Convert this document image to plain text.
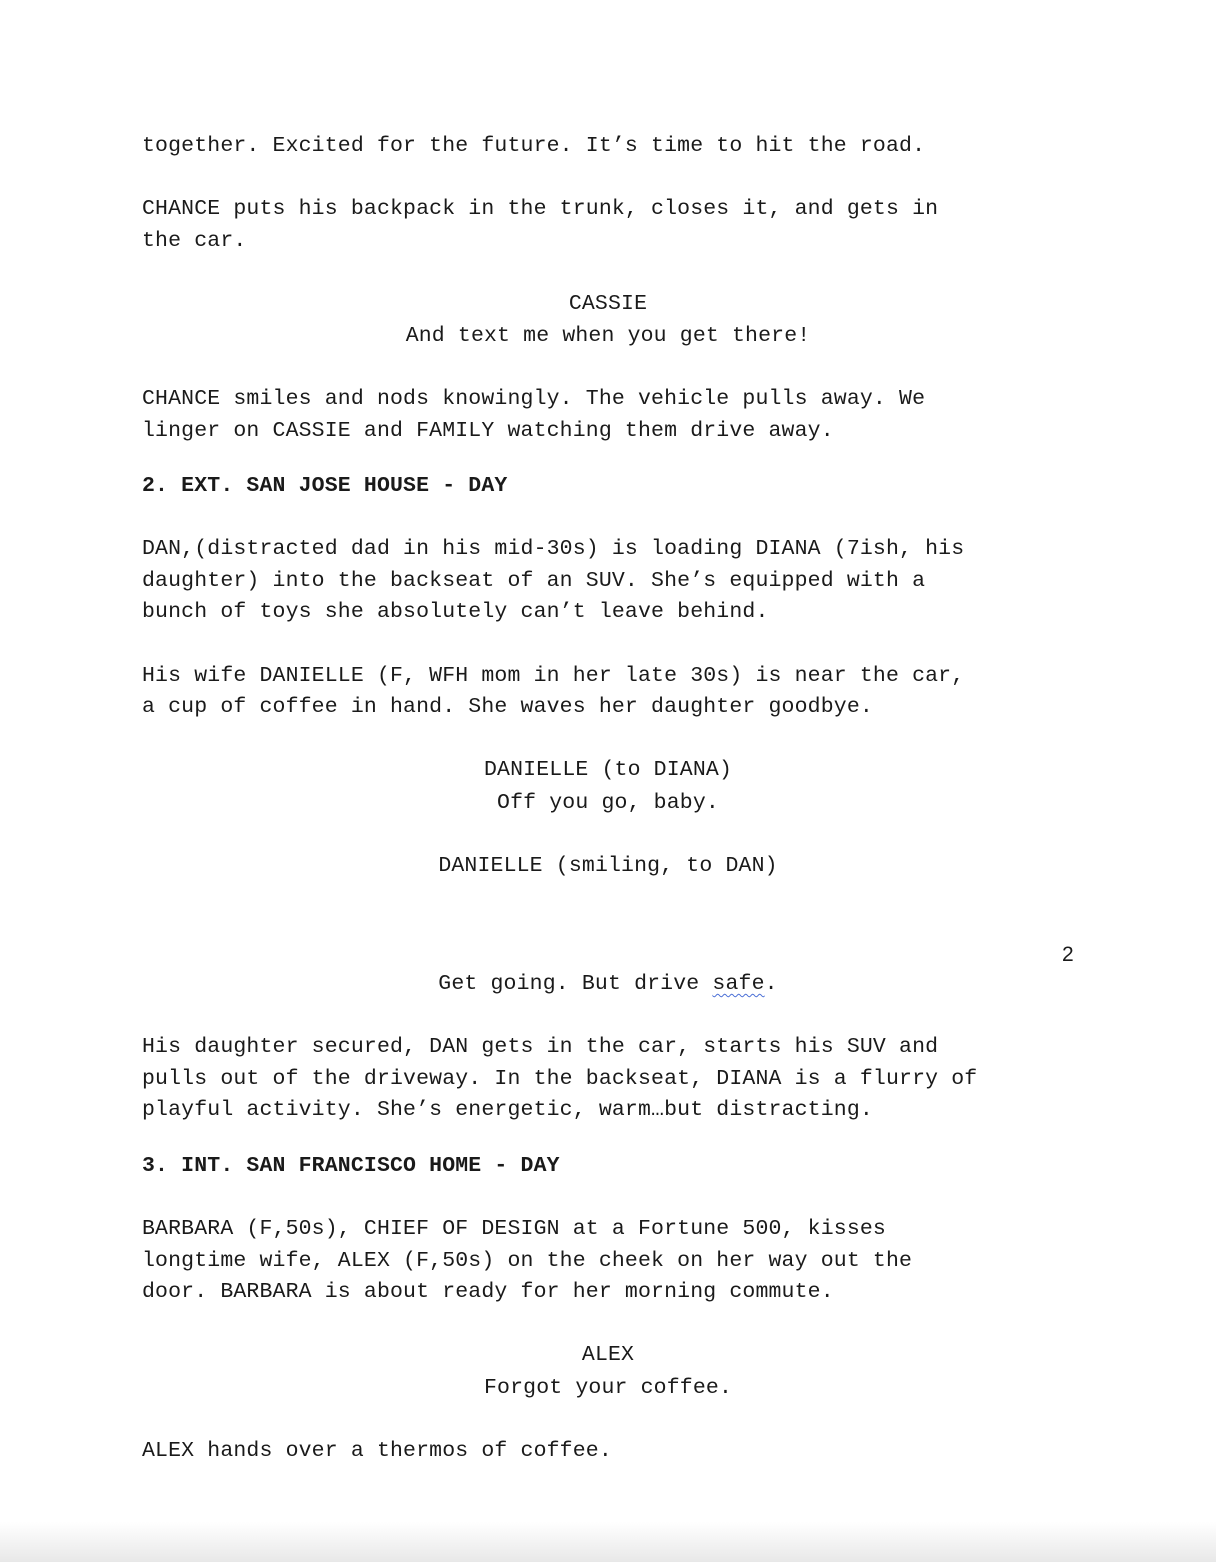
together. Excited for the future. It’s time to hit the road.

CHANCE puts his backpack in the trunk, closes it, and gets in

the car.

CASSIE

And text me when you get there!

CHANCE smiles and nods knowingly. The vehicle pulls away. We

linger on CASSIE and FAMILY watching them drive away.

2. EXT. SAN JOSE HOUSE - DAY

DAN,(distracted dad in his mid-30s) is loading DIANA (7ish, his

daughter) into the backseat of an SUV. She’s equipped with a

bunch of toys she absolutely can’t leave behind.

His wife DANIELLE (F, WFH mom in her late 30s) is near the car,

a cup of coffee in hand. She waves her daughter goodbye.

DANIELLE (to DIANA)

Off you go, baby.

DANIELLE (smiling, to DAN)

2

Get going. But drive safe.

His daughter secured, DAN gets in the car, starts his SUV and

pulls out of the driveway. In the backseat, DIANA is a flurry of

playful activity. She’s energetic, warm…but distracting.

3. INT. SAN FRANCISCO HOME - DAY

BARBARA (F,50s), CHIEF OF DESIGN at a Fortune 500, kisses

longtime wife, ALEX (F,50s) on the cheek on her way out the

door. BARBARA is about ready for her morning commute.

ALEX

Forgot your coffee.

ALEX hands over a thermos of coffee.
